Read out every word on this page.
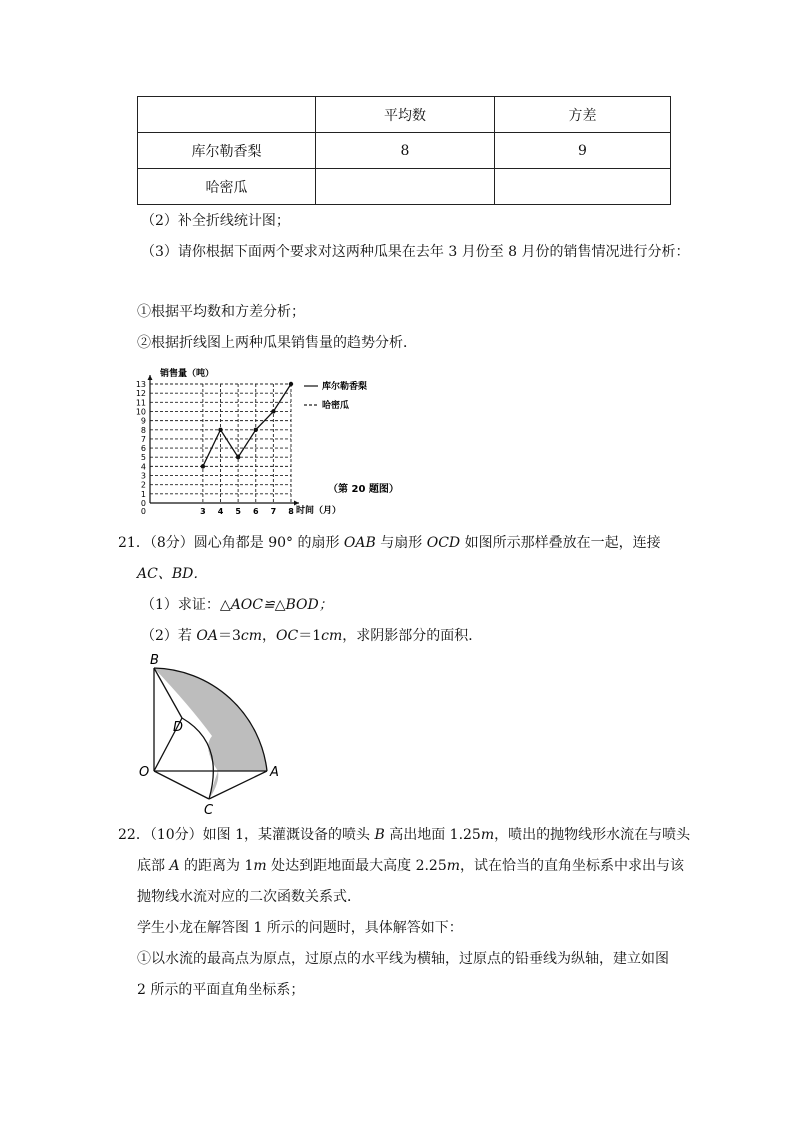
	平均数	方差
库尔勒香梨	8	9
哈密瓜		
（2）补全折线统计图；
（3）请你根据下面两个要求对这两种瓜果在去年 3 月份至 8 月份的销售情况进行分析：
①根据平均数和方差分析；
②根据折线图上两种瓜果销售量的趋势分析．
0
1
2
3
4
5
6
7
8
9
10
11
12
13
3 4 5 6 7 8
0
销售量（吨）
时间（月）
库尔勒香梨
哈密瓜
（第 20 题图）
21．（8分）圆心角都是 90° 的扇形 OAB 与扇形 OCD 如图所示那样叠放在一起，连接
AC、BD．
（1）求证：△AOC≌△BOD；
（2）若 OA＝3cm，OC＝1cm，求阴影部分的面积．
B
D
O	A
C
22．（10分）如图 1，某灌溉设备的喷头 B 高出地面 1.25m，喷出的抛物线形水流在与喷头
底部 A 的距离为 1m 处达到距地面最大高度 2.25m，试在恰当的直角坐标系中求出与该
抛物线水流对应的二次函数关系式．
学生小龙在解答图 1 所示的问题时，具体解答如下：
①以水流的最高点为原点，过原点的水平线为横轴，过原点的铅垂线为纵轴，建立如图
2 所示的平面直角坐标系；
